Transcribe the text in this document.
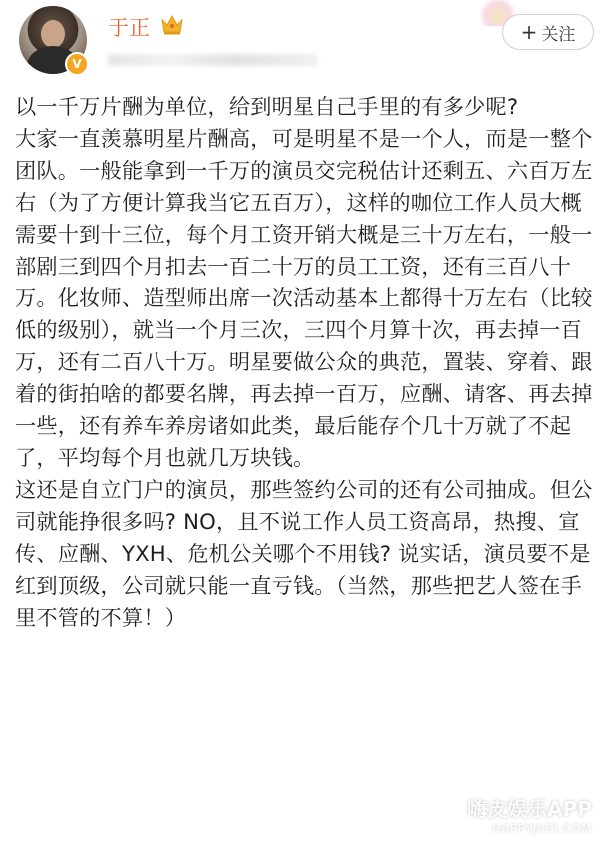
V
于正	+ 关注

以一千万片酬为单位，给到明星自己手里的有多少呢?

大家一直羡慕明星片酬高，可是明星不是一个人，而是一整个团队。一般能拿到一千万的演员交完税估计还剩五、六百万左右（为了方便计算我当它五百万），这样的咖位工作人员大概需要十到十三位，每个月工资开销大概是三十万左右，一般一部剧三到四个月扣去一百二十万的员工工资，还有三百八十万。化妆师、造型师出席一次活动基本上都得十万左右（比较低的级别），就当一个月三次，三四个月算十次，再去掉一百万，还有二百八十万。明星要做公众的典范，置装、穿着、跟着的街拍啥的都要名牌，再去掉一百万，应酬、请客、再去掉一些，还有养车养房诸如此类，最后能存个几十万就了不起了，平均每个月也就几万块钱。

这还是自立门户的演员，那些签约公司的还有公司抽成。但公司就能挣很多吗? NO，且不说工作人员工资高昂，热搜、宣传、应酬、YXH、危机公关哪个不用钱? 说实话，演员要不是红到顶级，公司就只能一直亏钱。（当然，那些把艺人签在手里不管的不算！）

嗨皮娱乐APP
HAPPYJUZI.COM
